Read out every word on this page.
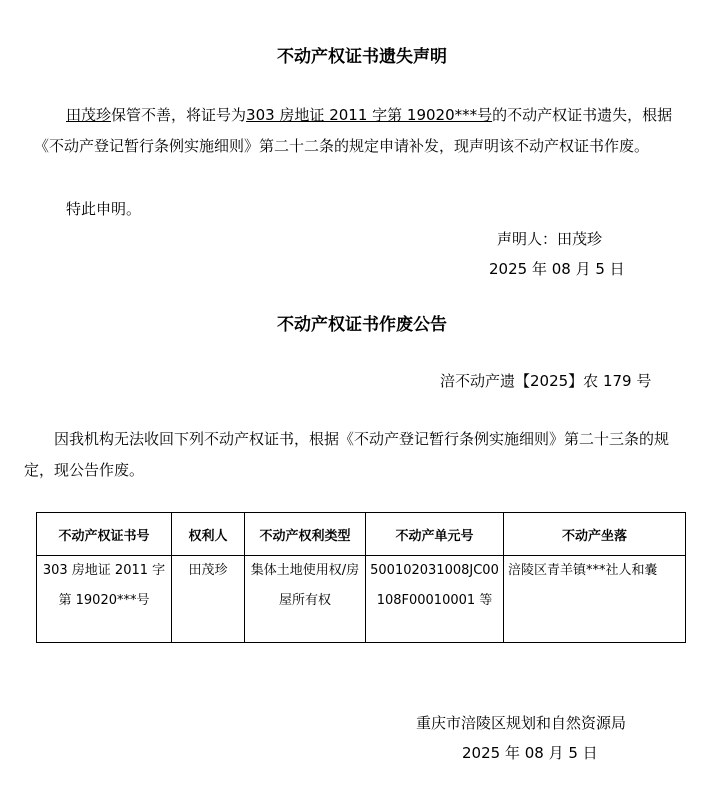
不动产权证书遗失声明

田茂珍保管不善，将证号为303 房地证 2011 字第 19020***号的不动产权证书遗失，根据《不动产登记暂行条例实施细则》第二十二条的规定申请补发，现声明该不动产权证书作废。

特此申明。
声明人：田茂珍
2025 年 08 月 5 日
不动产权证书作废公告
涪不动产遗【2025】农 179 号

因我机构无法收回下列不动产权证书，根据《不动产登记暂行条例实施细则》第二十三条的规定，现公告作废。

不动产权证书号	权利人	不动产权利类型	不动产单元号	不动产坐落
303 房地证 2011 字第 19020***号	田茂珍	集体土地使用权/房屋所有权	500102031008JC00108F00010001 等	涪陵区青羊镇***社人和嚢
重庆市涪陵区规划和自然资源局
2025 年 08 月 5 日
